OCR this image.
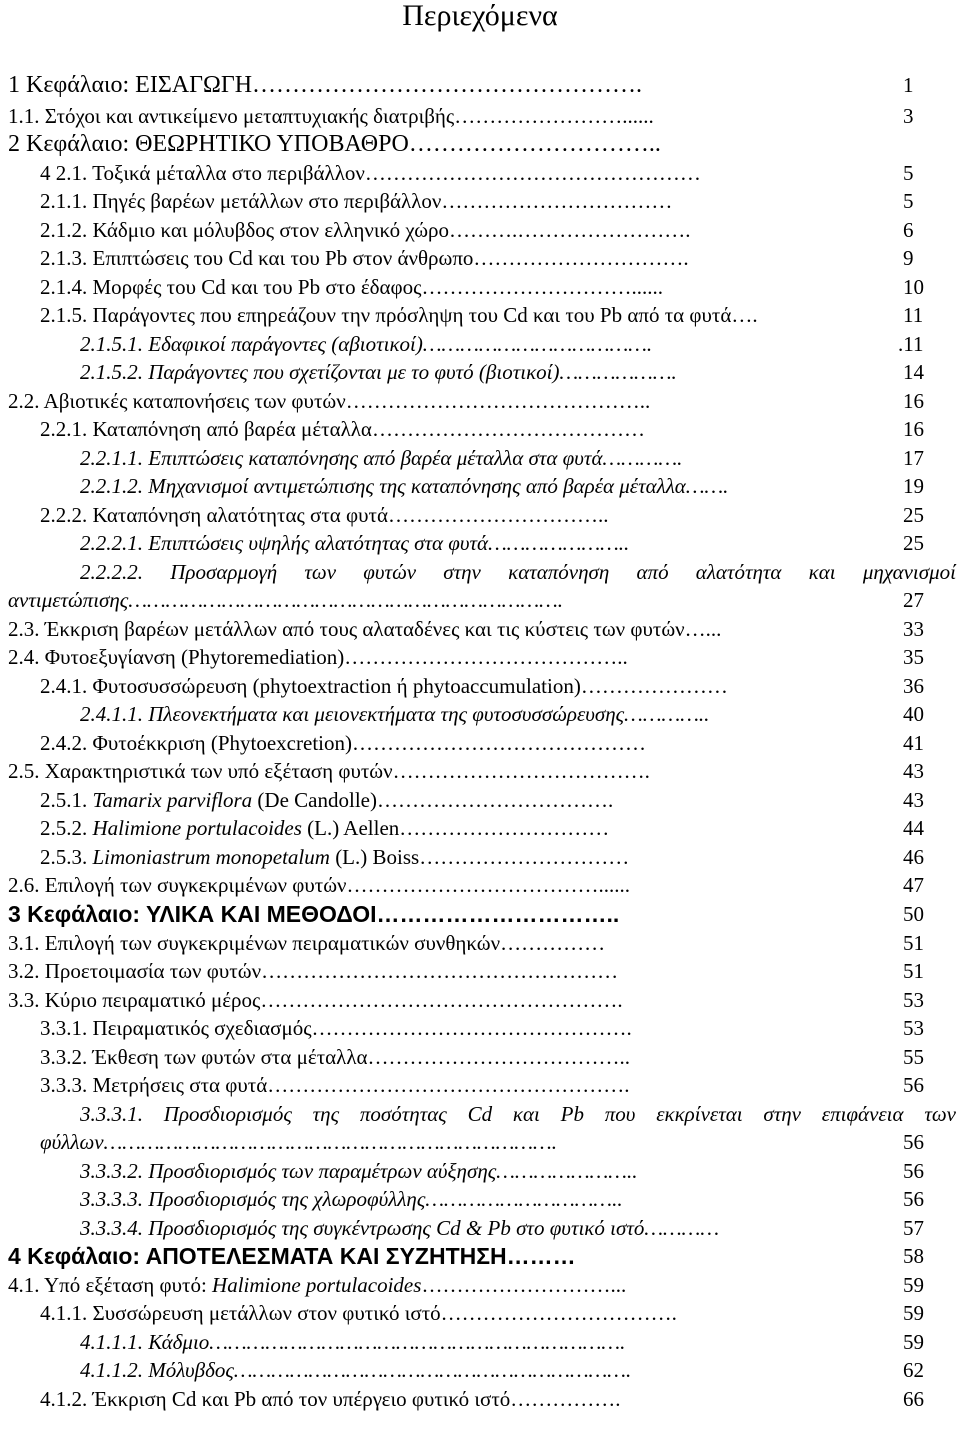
Περιεχόμενα
1 Κεφάλαιο: ΕΙΣΑΓΩΓΗ………………………………………….	1
1.1. Στόχοι και αντικείμενο μεταπτυχιακής διατριβής……………………......	3
2 Κεφάλαιο: ΘΕΩΡΗΤΙΚΟ ΥΠΟΒΑΘΡΟ…………………………..
4 2.1. Τοξικά μέταλλα στο περιβάλλον…………………………………………	5
2.1.1. Πηγές βαρέων μετάλλων στο περιβάλλον……………………………	5
2.1.2. Κάδμιο και μόλυβδος στον ελληνικό χώρο……….…………………….	6
2.1.3. Επιπτώσεις του Cd και του Pb στον άνθρωπο………………………….	9
2.1.4. Μορφές του Cd και του Pb στο έδαφος…………………………......	10
2.1.5. Παράγοντες που επηρεάζουν την πρόσληψη του Cd και του Pb από τα φυτά….	11
2.1.5.1. Εδαφικοί παράγοντες (αβιοτικοί)……………………………….	.11
2.1.5.2. Παράγοντες που σχετίζονται με το φυτό (βιοτικοί)……………….	14
2.2. Αβιοτικές καταπονήσεις των φυτών……………………………………..	16
2.2.1. Καταπόνηση από βαρέα μέταλλα…………………………………	16
2.2.1.1. Επιπτώσεις καταπόνησης από βαρέα μέταλλα στα φυτά………….	17
2.2.1.2. Μηχανισμοί αντιμετώπισης της καταπόνησης από βαρέα μέταλλα…….	19
2.2.2. Καταπόνηση αλατότητας στα φυτά…………………………..	25
2.2.2.1. Επιπτώσεις υψηλής αλατότητας στα φυτά…………………..	25
2.2.2.2. Προσαρμογή των φυτών στην καταπόνηση από αλατότητα και μηχανισμοί
αντιμετώπισης…………………………………………………………….	27
2.3. Έκκριση βαρέων μετάλλων από τους αλαταδένες και τις κύστεις των φυτών…...	33
2.4. Φυτοεξυγίανση (Phytoremediation)…………………………………..	35
2.4.1. Φυτοσυσσώρευση (phytoextraction ή phytoaccumulation)…………………	36
2.4.1.1. Πλεονεκτήματα και μειονεκτήματα της φυτοσυσσώρευσης…………..	40
2.4.2. Φυτοέκκριση (Phytoexcretion)……………………………………	41
2.5. Χαρακτηριστικά των υπό εξέταση φυτών……………………………….	43
2.5.1. Tamarix parviflora (De Candolle)…………………………….	43
2.5.2. Halimione portulacoides (L.) Aellen…………………………	44
2.5.3. Limoniastrum monopetalum (L.) Boiss…………………………	46
2.6. Επιλογή των συγκεκριμένων φυτών………………………………......	47
3 Κεφάλαιο: ΥΛΙΚΑ ΚΑΙ ΜΕΘΟΔΟΙ…………………………..	50
3.1. Επιλογή των συγκεκριμένων πειραματικών συνθηκών……………	51
3.2. Προετοιμασία των φυτών……………………………………………	51
3.3. Κύριο πειραματικό μέρος…………………………………………….	53
3.3.1. Πειραματικός σχεδιασμός……………………………………….	53
3.3.2. Έκθεση των φυτών στα μέταλλα………………………………..	55
3.3.3. Μετρήσεις στα φυτά…………………………………………….	56
3.3.3.1. Προσδιορισμός της ποσότητας Cd και Pb που εκκρίνεται στην επιφάνεια των
φύλλων……………………………………………………………….	56
3.3.3.2. Προσδιορισμός των παραμέτρων αύξησης…………………..	56
3.3.3.3. Προσδιορισμός της χλωροφύλλης…………………………..	56
3.3.3.4. Προσδιορισμός της συγκέντρωσης Cd & Pb στο φυτικό ιστό…………	57
4 Κεφάλαιο: ΑΠΟΤΕΛΕΣΜΑΤΑ ΚΑΙ ΣΥΖΗΤΗΣΗ………	58
4.1. Υπό εξέταση φυτό: Halimione portulacoides………………………...	59
4.1.1. Συσσώρευση μετάλλων στον φυτικό ιστό…………………………….	59
4.1.1.1. Κάδμιο………………………………………………………….	59
4.1.1.2. Μόλυβδος……………………………………………………….	62
4.1.2. Έκκριση Cd και Pb από τον υπέργειο φυτικό ιστό…………….	66
